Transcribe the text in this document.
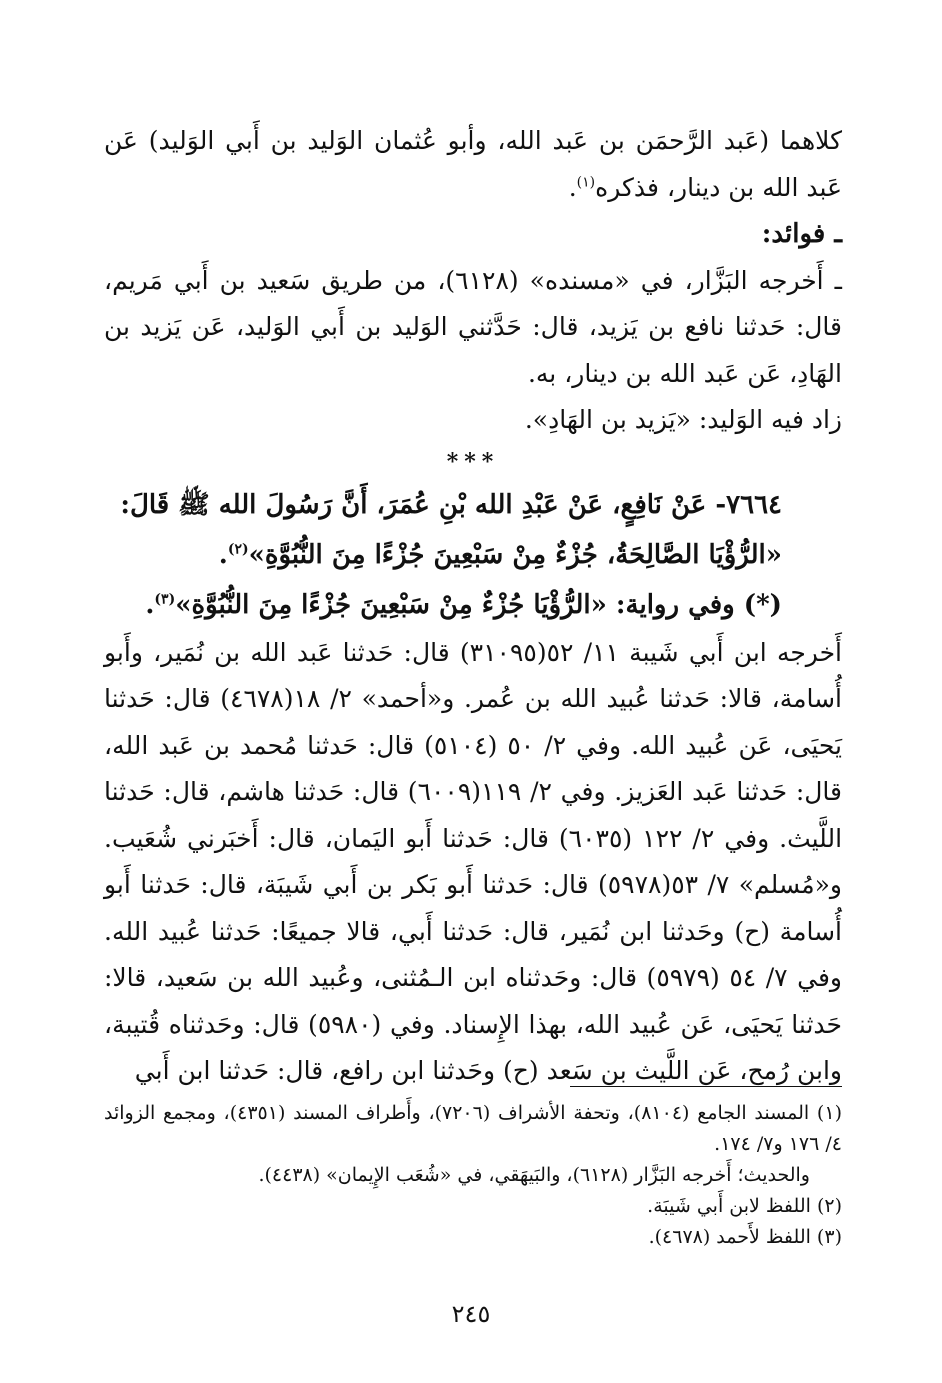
كلاهما (عَبد الرَّحمَن بن عَبد الله، وأبو عُثمان الوَليد بن أَبي الوَليد) عَن عَبد الله بن دينار، فذكره$^{(١)}$.

ـ فوائد:

ـ أَخرجه البَزَّار، في «مسنده» (٦١٢٨)، من طريق سَعيد بن أَبي مَريم، قال: حَدثنا نافع بن يَزيد، قال: حَدَّثني الوَليد بن أَبي الوَليد، عَن يَزيد بن الهَادِ، عَن عَبد الله بن دينار، به.

زاد فيه الوَليد: «يَزيد بن الهَادِ».

***

٧٦٦٤- عَنْ نَافِعٍ، عَنْ عَبْدِ الله بْنِ عُمَرَ، أَنَّ رَسُولَ الله ﷺ قَالَ:

«الرُّؤْيَا الصَّالِحَةُ، جُزْءٌ مِنْ سَبْعِينَ جُزْءًا مِنَ النُّبُوَّةِ»$^{(٢)}$.

(*) وفي رواية: «الرُّؤْيَا جُزْءٌ مِنْ سَبْعِينَ جُزْءًا مِنَ النُّبُوَّةِ»$^{(٣)}$.

أَخرجه ابن أَبي شَيبة ١١/ ٥٢(٣١٠٩٥) قال: حَدثنا عَبد الله بن نُمَير، وأَبو أُسامة، قالا: حَدثنا عُبيد الله بن عُمر. و«أحمد» ٢/ ١٨(٤٦٧٨) قال: حَدثنا يَحيَى، عَن عُبيد الله. وفي ٢/ ٥٠ (٥١٠٤) قال: حَدثنا مُحمد بن عَبد الله، قال: حَدثنا عَبد العَزيز. وفي ٢/ ١١٩(٦٠٠٩) قال: حَدثنا هاشم، قال: حَدثنا اللَّيث. وفي ٢/ ١٢٢ (٦٠٣٥) قال: حَدثنا أَبو اليَمان، قال: أَخبَرني شُعَيب. و«مُسلم» ٧/ ٥٣(٥٩٧٨) قال: حَدثنا أَبو بَكر بن أَبي شَيبَة، قال: حَدثنا أَبو أُسامة (ح) وحَدثنا ابن نُمَير، قال: حَدثنا أَبي، قالا جميعًا: حَدثنا عُبيد الله. وفي ٧/ ٥٤ (٥٩٧٩) قال: وحَدثناه ابن الـمُثنى، وعُبيد الله بن سَعيد، قالا: حَدثنا يَحيَى، عَن عُبيد الله، بهذا الإِسناد. وفي (٥٩٨٠) قال: وحَدثناه قُتيبة، وابن رُمح، عَن اللَّيث بن سَعد (ح) وحَدثنا ابن رافع، قال: حَدثنا ابن أَبي

(١) المسند الجامع (٨١٠٤)، وتحفة الأشراف (٧٢٠٦)، وأَطراف المسند (٤٣٥١)، ومجمع الزوائد ٤/ ١٧٦ و٧/ ١٧٤.

والحديث؛ أَخرجه البَزَّار (٦١٢٨)، والبَيهَقي، في «شُعَب الإِيمان» (٤٤٣٨).

(٢) اللفظ لابن أَبي شَيبَة.

(٣) اللفظ لأَحمد (٤٦٧٨).

٢٤٥
